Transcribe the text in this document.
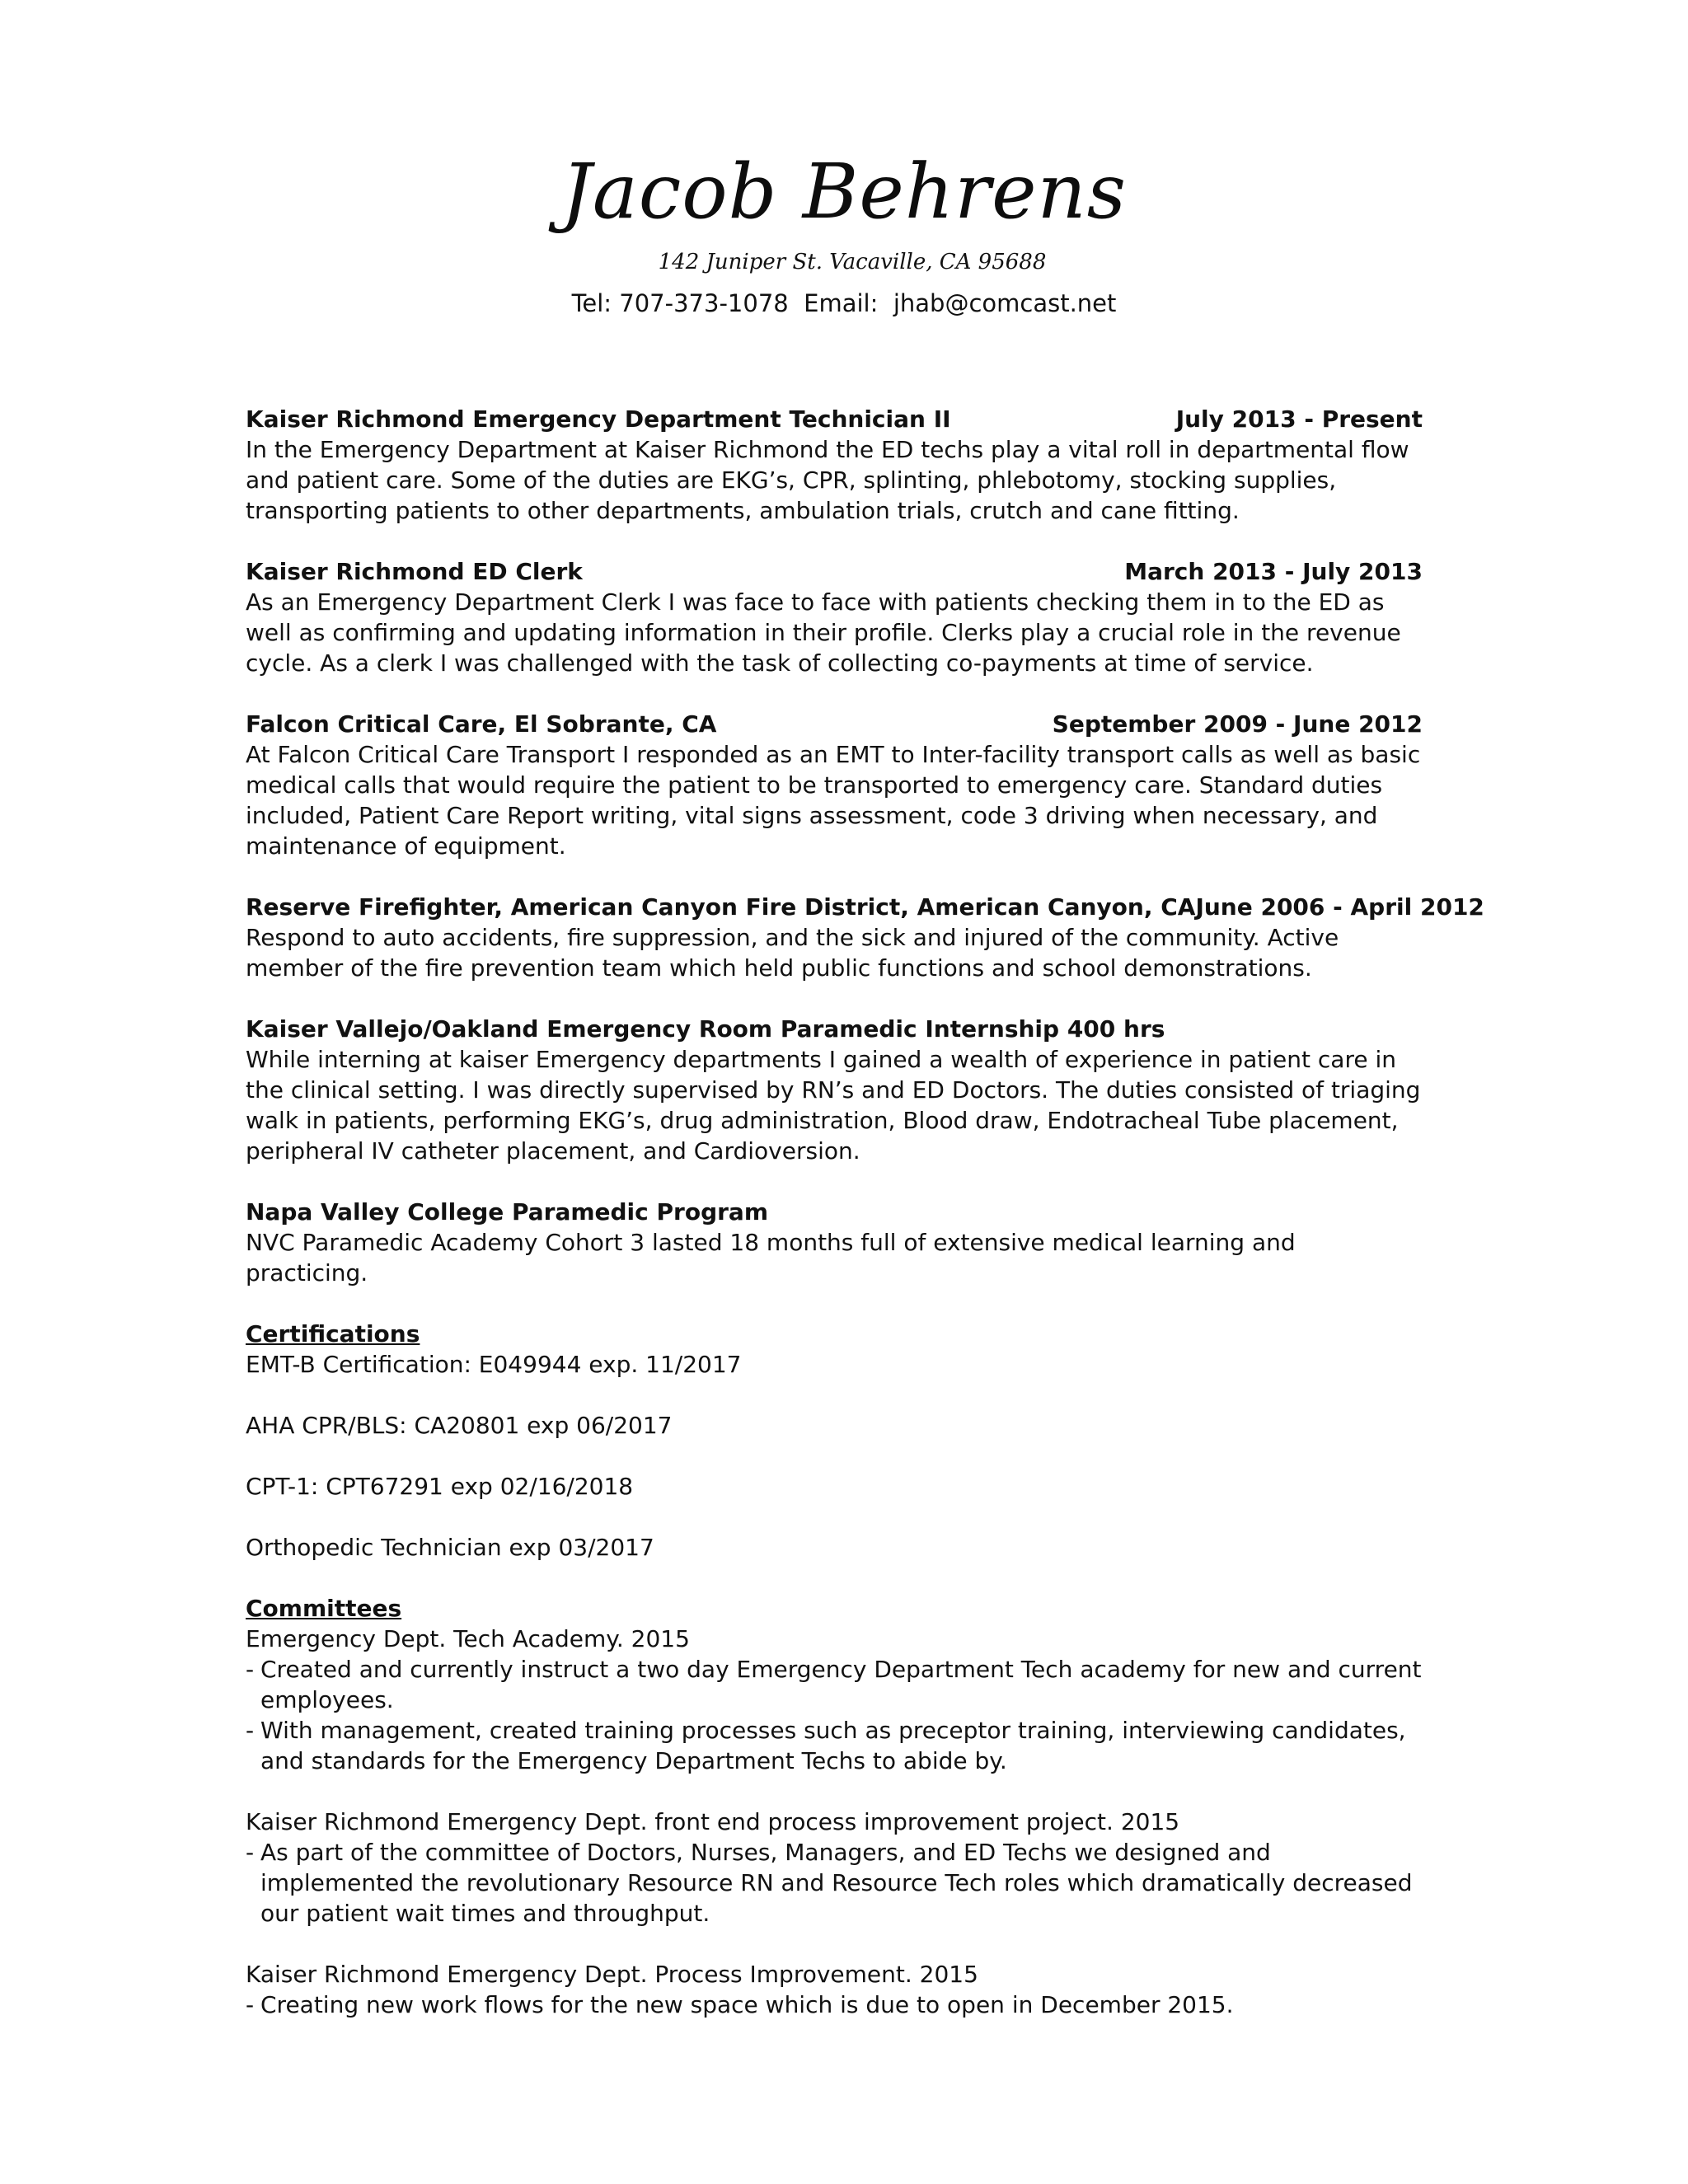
Jacob Behrens
142 Juniper St. Vacaville, CA 95688
Tel: 707-373-1078 Email: jhab@comcast.net
Kaiser Richmond Emergency Department Technician II	July 2013 - Present

In the Emergency Department at Kaiser Richmond the ED techs play a vital roll in departmental flow and patient care. Some of the duties are EKG’s, CPR, splinting, phlebotomy, stocking supplies, transporting patients to other departments, ambulation trials, crutch and cane fitting.

Kaiser Richmond ED Clerk	March 2013 - July 2013

As an Emergency Department Clerk I was face to face with patients checking them in to the ED as well as confirming and updating information in their profile. Clerks play a crucial role in the revenue cycle. As a clerk I was challenged with the task of collecting co-payments at time of service.

Falcon Critical Care, El Sobrante, CA	September 2009 - June 2012

At Falcon Critical Care Transport I responded as an EMT to Inter-facility transport calls as well as basic medical calls that would require the patient to be transported to emergency care. Standard duties included, Patient Care Report writing, vital signs assessment, code 3 driving when necessary, and maintenance of equipment.

Reserve Firefighter, American Canyon Fire District, American Canyon, CA June 2006 - April 2012

Respond to auto accidents, fire suppression, and the sick and injured of the community. Active member of the fire prevention team which held public functions and school demonstrations.

Kaiser Vallejo/Oakland Emergency Room Paramedic Internship 400 hrs

While interning at kaiser Emergency departments I gained a wealth of experience in patient care in the clinical setting. I was directly supervised by RN’s and ED Doctors. The duties consisted of triaging walk in patients, performing EKG’s, drug administration, Blood draw, Endotracheal Tube placement, peripheral IV catheter placement, and Cardioversion.

Napa Valley College Paramedic Program

NVC Paramedic Academy Cohort 3 lasted 18 months full of extensive medical learning and practicing.

Certifications
EMT-B Certification: E049944 exp. 11/2017
AHA CPR/BLS: CA20801 exp 06/2017
CPT-1: CPT67291 exp 02/16/2018
Orthopedic Technician exp 03/2017
Committees
Emergency Dept. Tech Academy. 2015
- Created and currently instruct a two day Emergency Department Tech academy for new and current employees.
- With management, created training processes such as preceptor training, interviewing candidates, and standards for the Emergency Department Techs to abide by.
Kaiser Richmond Emergency Dept. front end process improvement project. 2015
- As part of the committee of Doctors, Nurses, Managers, and ED Techs we designed and implemented the revolutionary Resource RN and Resource Tech roles which dramatically decreased our patient wait times and throughput.
Kaiser Richmond Emergency Dept. Process Improvement. 2015
- Creating new work flows for the new space which is due to open in December 2015.
